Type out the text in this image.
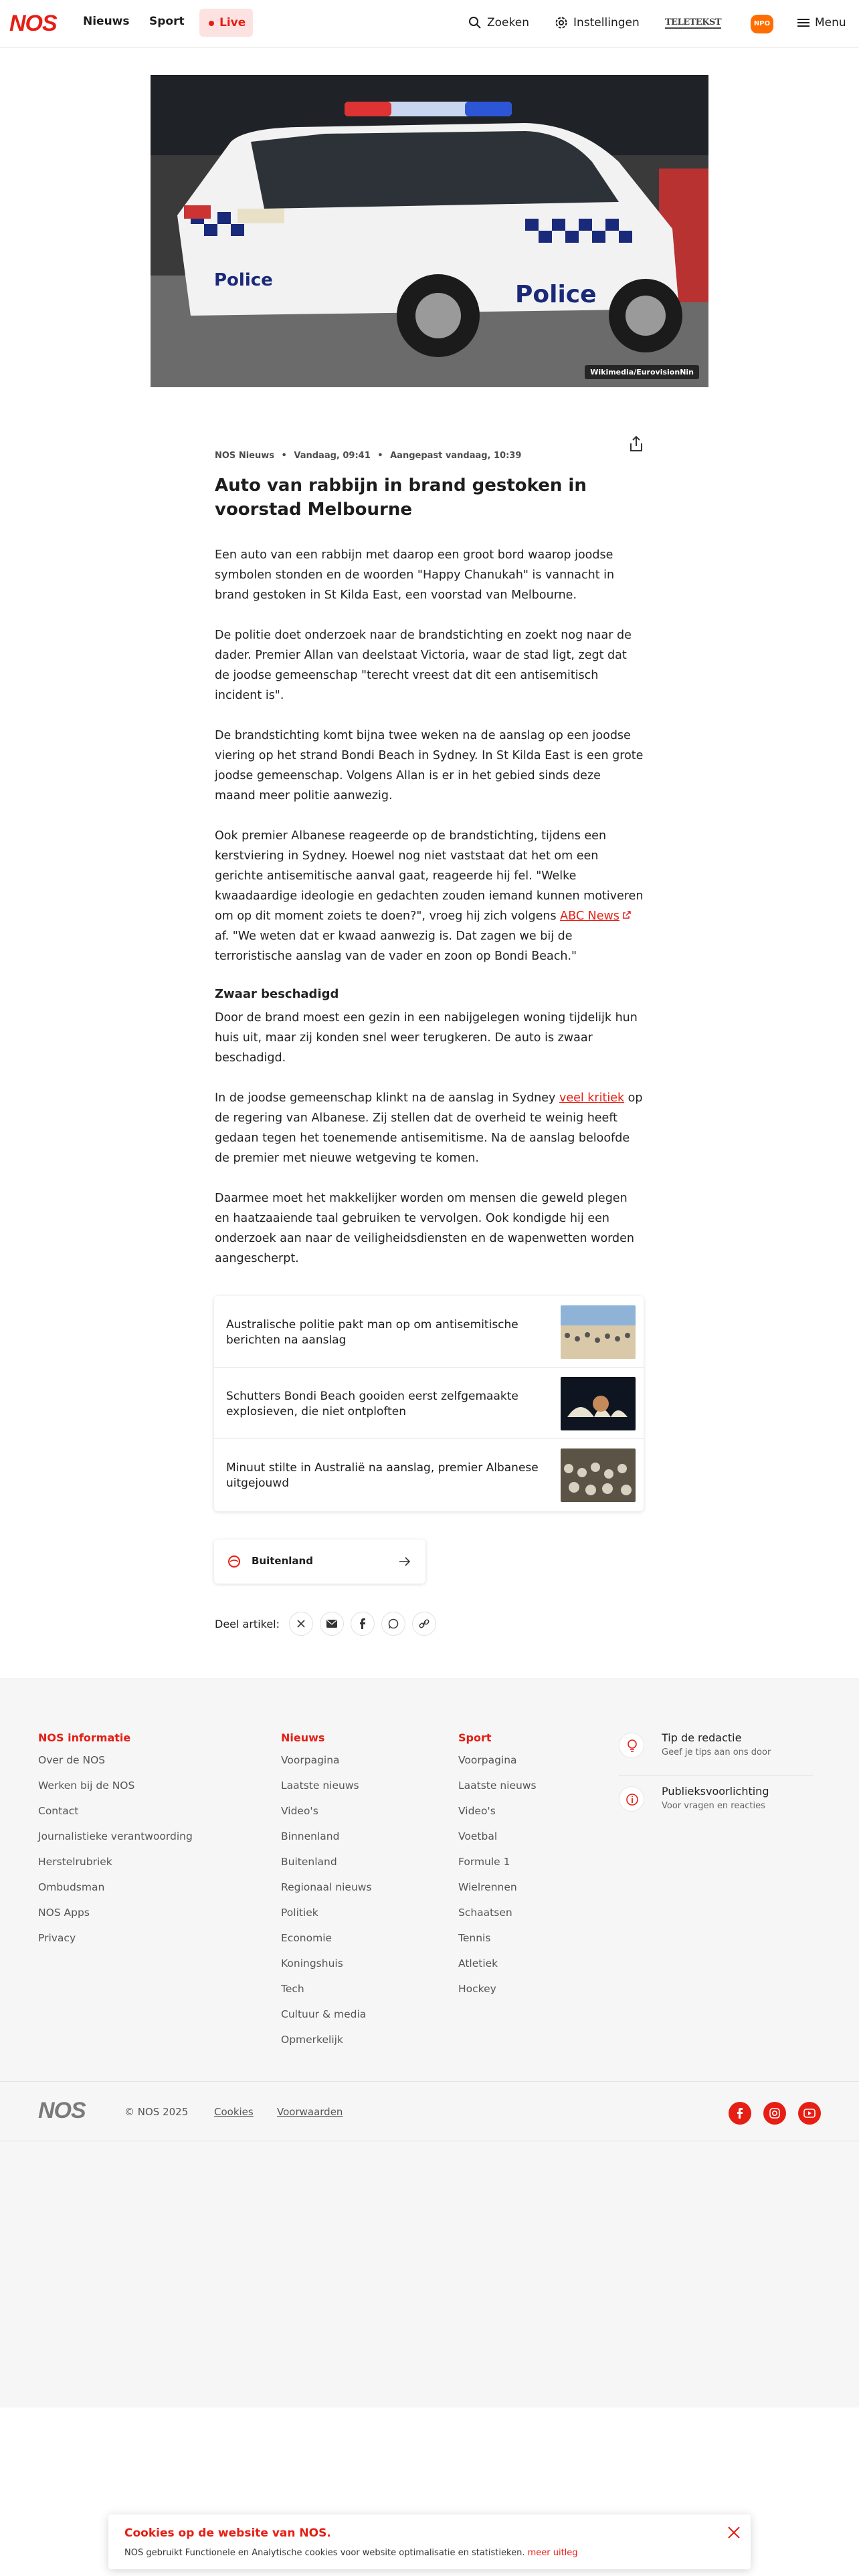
NOS Nieuws Sport	Live	Zoeken	Instellingen	TELETEKST	NPO	Menu
Police
Police
Wikimedia/EurovisionNin
NOS Nieuws • Vandaag, 09:41 • Aangepast vandaag, 10:39
Auto van rabbijn in brand gestoken in voorstad Melbourne

Een auto van een rabbijn met daarop een groot bord waarop joodse symbolen stonden en de woorden "Happy Chanukah" is vannacht in brand gestoken in St Kilda East, een voorstad van Melbourne.

De politie doet onderzoek naar de brandstichting en zoekt nog naar de dader. Premier Allan van deelstaat Victoria, waar de stad ligt, zegt dat de joodse gemeenschap "terecht vreest dat dit een antisemitisch incident is".

De brandstichting komt bijna twee weken na de aanslag op een joodse viering op het strand Bondi Beach in Sydney. In St Kilda East is een grote joodse gemeenschap. Volgens Allan is er in het gebied sinds deze maand meer politie aanwezig.

Ook premier Albanese reageerde op de brandstichting, tijdens een kerstviering in Sydney. Hoewel nog niet vaststaat dat het om een gerichte antisemitische aanval gaat, reageerde hij fel. "Welke kwaadaardige ideologie en gedachten zouden iemand kunnen motiveren om op dit moment zoiets te doen?", vroeg hij zich volgens ABC News af. "We weten dat er kwaad aanwezig is. Dat zagen we bij de terroristische aanslag van de vader en zoon op Bondi Beach."

Zwaar beschadigd

Door de brand moest een gezin in een nabijgelegen woning tijdelijk hun huis uit, maar zij konden snel weer terugkeren. De auto is zwaar beschadigd.

In de joodse gemeenschap klinkt na de aanslag in Sydney veel kritiek op de regering van Albanese. Zij stellen dat de overheid te weinig heeft gedaan tegen het toenemende antisemitisme. Na de aanslag beloofde de premier met nieuwe wetgeving te komen.

Daarmee moet het makkelijker worden om mensen die geweld plegen en haatzaaiende taal gebruiken te vervolgen. Ook kondigde hij een onderzoek aan naar de veiligheidsdiensten en de wapenwetten worden aangescherpt.

Australische politie pakt man op om antisemitische berichten na aanslag
Schutters Bondi Beach gooiden eerst zelfgemaakte explosieven, die niet ontploften
Minuut stilte in Australië na aanslag, premier Albanese uitgejouwd
Buitenland
Deel artikel:
NOS informatie
Over de NOS
Werken bij de NOS
Contact
Journalistieke verantwoording
Herstelrubriek
Ombudsman
NOS Apps
Privacy
Nieuws
Voorpagina
Laatste nieuws
Video's
Binnenland
Buitenland
Regionaal nieuws
Politiek
Economie
Koningshuis
Tech
Cultuur & media
Opmerkelijk
Sport
Voorpagina
Laatste nieuws
Video's
Voetbal
Formule 1
Wielrennen
Schaatsen
Tennis
Atletiek
Hockey
Tip de redactie
Geef je tips aan ons door
Publieksvoorlichting
Voor vragen en reacties
NOS	© NOS 2025	Cookies Voorwaarden
Cookies op de website van NOS.
NOS gebruikt Functionele en Analytische cookies voor website optimalisatie en statistieken. meer uitleg
